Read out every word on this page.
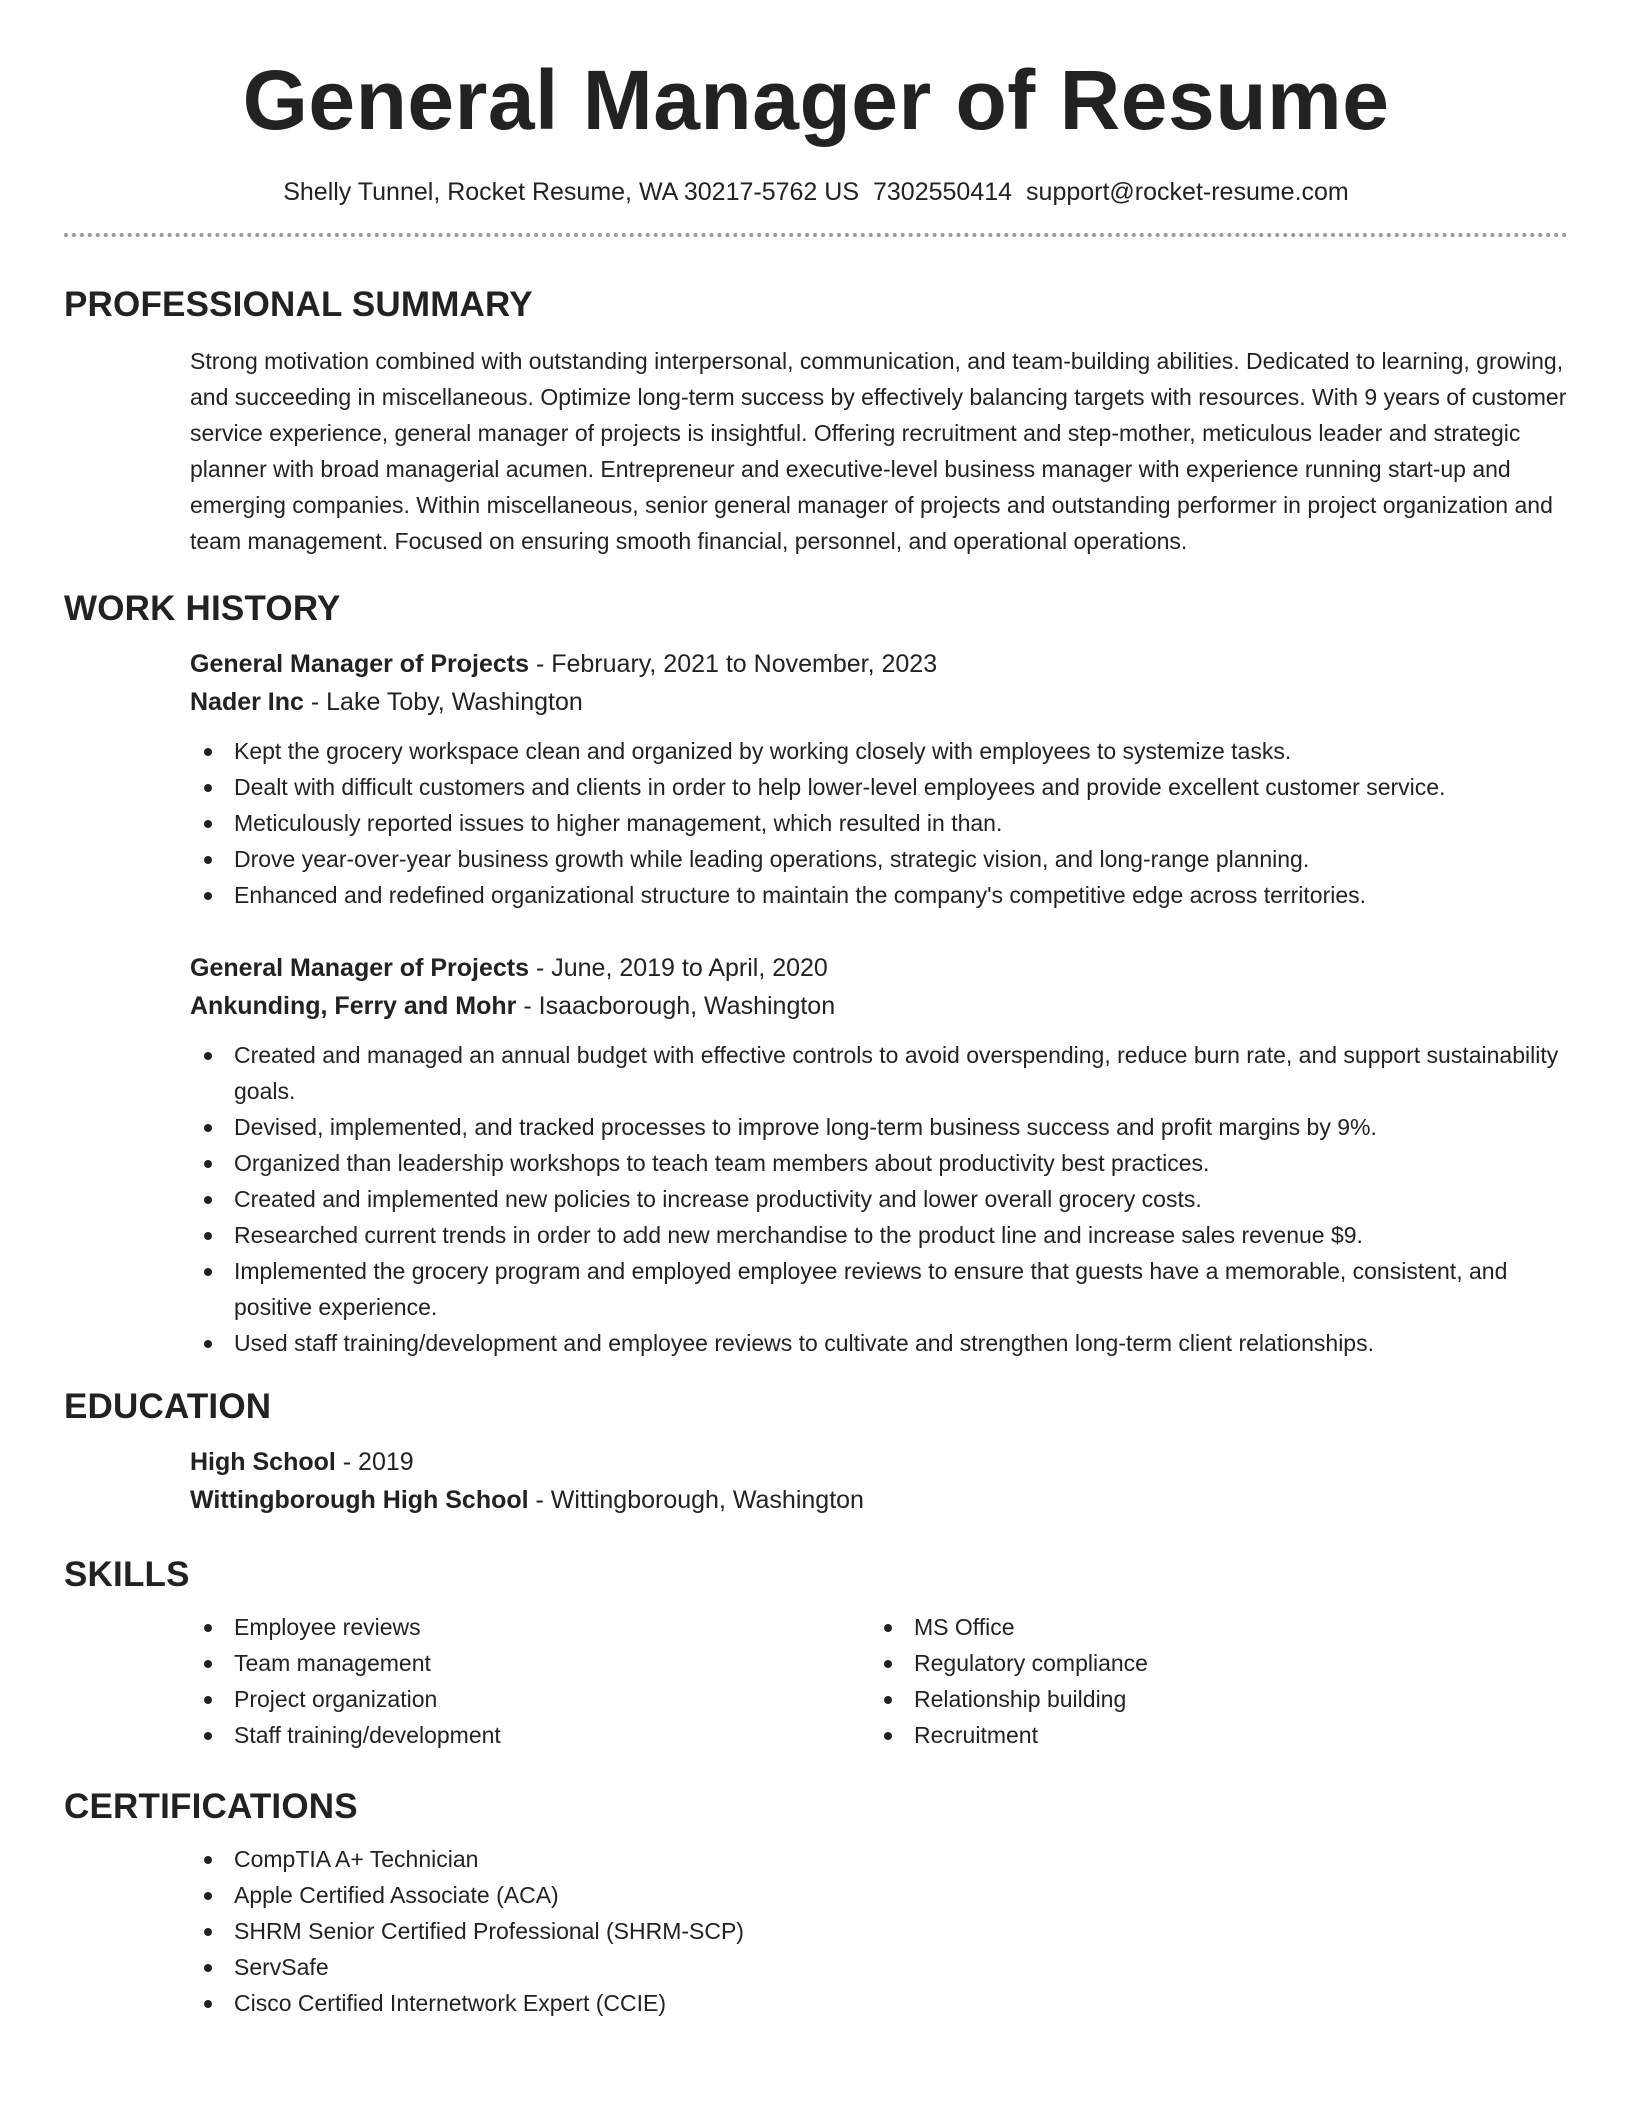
General Manager of Resume
Shelly Tunnel, Rocket Resume, WA 30217-5762 US 7302550414 support@rocket-resume.com
PROFESSIONAL SUMMARY

Strong motivation combined with outstanding interpersonal, communication, and team-building abilities. Dedicated to learning, growing, and succeeding in miscellaneous. Optimize long-term success by effectively balancing targets with resources. With 9 years of customer service experience, general manager of projects is insightful. Offering recruitment and step-mother, meticulous leader and strategic planner with broad managerial acumen. Entrepreneur and executive-level business manager with experience running start-up and emerging companies. Within miscellaneous, senior general manager of projects and outstanding performer in project organization and team management. Focused on ensuring smooth financial, personnel, and operational operations.

WORK HISTORY
General Manager of Projects - February, 2021 to November, 2023
Nader Inc - Lake Toby, Washington
Kept the grocery workspace clean and organized by working closely with employees to systemize tasks.
Dealt with difficult customers and clients in order to help lower-level employees and provide excellent customer service.
Meticulously reported issues to higher management, which resulted in than.
Drove year-over-year business growth while leading operations, strategic vision, and long-range planning.
Enhanced and redefined organizational structure to maintain the company's competitive edge across territories.
General Manager of Projects - June, 2019 to April, 2020
Ankunding, Ferry and Mohr - Isaacborough, Washington
Created and managed an annual budget with effective controls to avoid overspending, reduce burn rate, and support sustainability goals.
Devised, implemented, and tracked processes to improve long-term business success and profit margins by 9%.
Organized than leadership workshops to teach team members about productivity best practices.
Created and implemented new policies to increase productivity and lower overall grocery costs.
Researched current trends in order to add new merchandise to the product line and increase sales revenue $9.
Implemented the grocery program and employed employee reviews to ensure that guests have a memorable, consistent, and positive experience.
Used staff training/development and employee reviews to cultivate and strengthen long-term client relationships.
EDUCATION
High School - 2019
Wittingborough High School - Wittingborough, Washington
SKILLS
Employee reviews
Team management
Project organization
Staff training/development
MS Office
Regulatory compliance
Relationship building
Recruitment
CERTIFICATIONS
CompTIA A+ Technician
Apple Certified Associate (ACA)
SHRM Senior Certified Professional (SHRM-SCP)
ServSafe
Cisco Certified Internetwork Expert (CCIE)
